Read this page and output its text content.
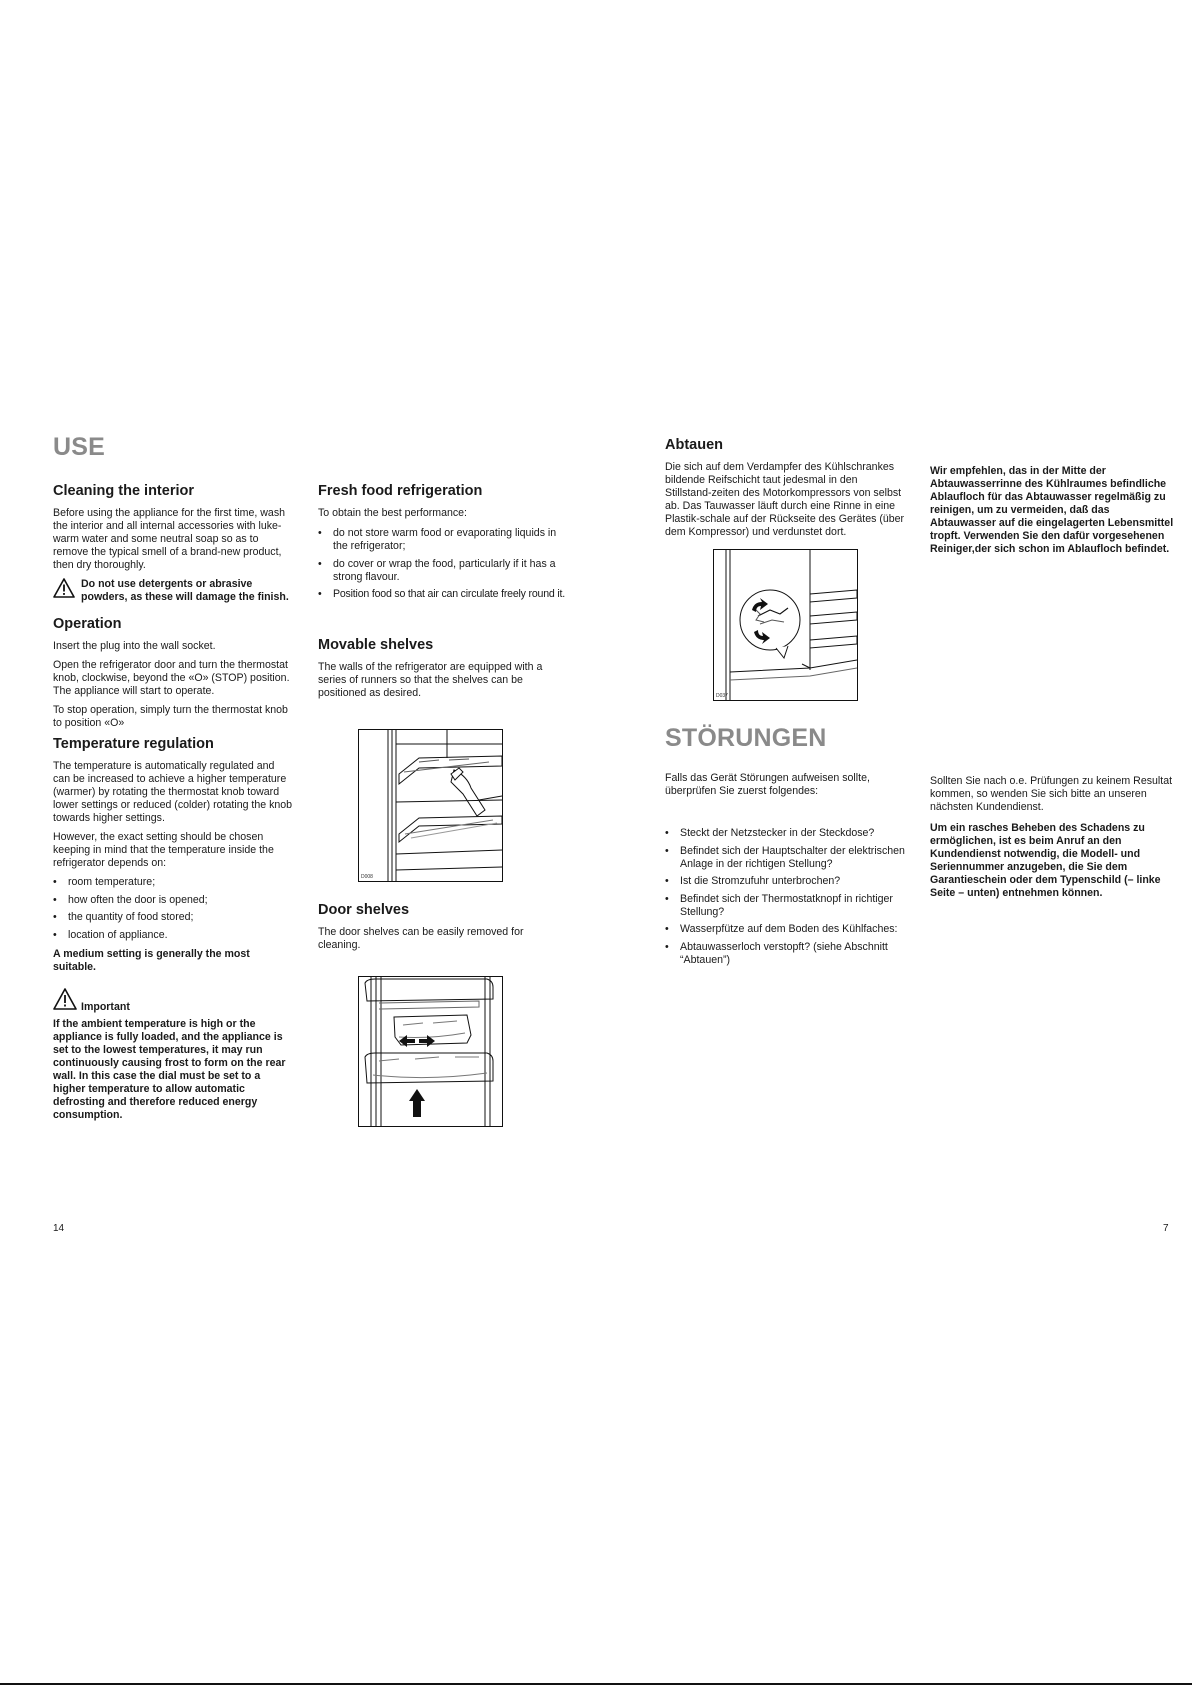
USE
Cleaning the interior

Before using the appliance for the first time, wash the interior and all internal accessories with luke-warm water and some neutral soap so as to remove the typical smell of a brand-new product, then dry thoroughly.

Do not use detergents or abrasive powders, as these will damage the finish.
Operation

Insert the plug into the wall socket.

Open the refrigerator door and turn the thermostat knob, clockwise, beyond the «O» (STOP) position. The appliance will start to operate.

To stop operation, simply turn the thermostat knob to position «O»

Temperature regulation

The temperature is automatically regulated and can be increased to achieve a higher temperature (warmer) by rotating the thermostat knob toward lower settings or reduced (colder) rotating the knob towards higher settings.

However, the exact setting should be chosen keeping in mind that the temperature inside the refrigerator depends on:

• room temperature;
• how often the door is opened;
• the quantity of food stored;
• location of appliance.

A medium setting is generally the most suitable.

Important

If the ambient temperature is high or the appliance is fully loaded, and the appliance is set to the lowest temperatures, it may run continuously causing frost to form on the rear wall. In this case the dial must be set to a higher temperature to allow automatic defrosting and therefore reduced energy consumption.

Fresh food refrigeration

To obtain the best performance:

• do not store warm food or evaporating liquids in the refrigerator;
• do cover or wrap the food, particularly if it has a strong flavour.
• Position food so that air can circulate freely round it.
Movable shelves

The walls of the refrigerator are equipped with a series of runners so that the shelves can be positioned as desired.

D008
Door shelves

The door shelves can be easily removed for cleaning.

14
Abtauen

Die sich auf dem Verdampfer des Kühlschrankes bildende Reifschicht taut jedesmal in den Stillstand-zeiten des Motorkompressors von selbst ab. Das Tauwasser läuft durch eine Rinne in eine Plastik-schale auf der Rückseite des Gerätes (über dem Kompressor) und verdunstet dort.

D037

Wir empfehlen, das in der Mitte der Abtauwasserrinne des Kühlraumes befindliche Ablaufloch für das Abtauwasser regelmäßig zu reinigen, um zu vermeiden, daß das Abtauwasser auf die eingelagerten Lebensmittel tropft. Verwenden Sie den dafür vorgesehenen Reiniger,der sich schon im Ablaufloch befindet.

STÖRUNGEN

Falls das Gerät Störungen aufweisen sollte, überprüfen Sie zuerst folgendes:

• Steckt der Netzstecker in der Steckdose?
• Befindet sich der Hauptschalter der elektrischen Anlage in der richtigen Stellung?
• Ist die Stromzufuhr unterbrochen?
• Befindet sich der Thermostatknopf in richtiger Stellung?
• Wasserpfütze auf dem Boden des Kühlfaches:
• Abtauwasserloch verstopft? (siehe Abschnitt “Abtauen”)

Sollten Sie nach o.e. Prüfungen zu keinem Resultat kommen, so wenden Sie sich bitte an unseren nächsten Kundendienst.

Um ein rasches Beheben des Schadens zu ermöglichen, ist es beim Anruf an den Kundendienst notwendig, die Modell- und Seriennummer anzugeben, die Sie dem Garantieschein oder dem Typenschild (– linke Seite – unten) entnehmen können.

7
